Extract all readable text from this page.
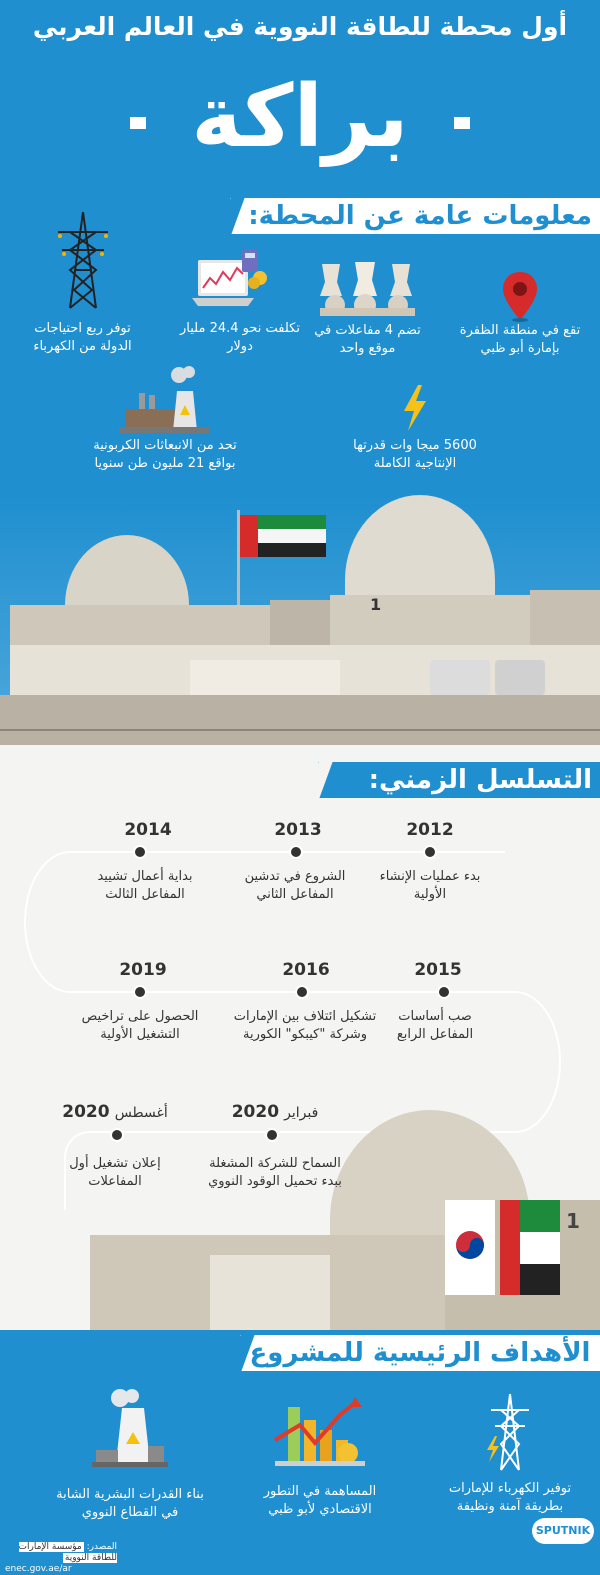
أول محطة للطاقة النووية في العالم العربي
براكة
معلومات عامة عن المحطة:
تقع في منطقة الظفرة بإمارة أبو ظبي
تضم 4 مفاعلات في موقع واحد
تكلفت نحو 24.4 مليار دولار
توفر ربع احتياجات الدولة من الكهرباء
5600 ميجا وات قدرتها الإنتاجية الكاملة
تحد من الانبعاثات الكربونية بواقع 21 مليون طن سنويا
1
التسلسل الزمني:
1
2012
بدء عمليات الإنشاء الأولية
2013
الشروع في تدشين المفاعل الثاني
2014
بداية أعمال تشييد المفاعل الثالث
2015
صب أساسات المفاعل الرابع
2016
تشكيل ائتلاف بين الإمارات وشركة "كيبكو" الكورية
2019
الحصول على تراخيص التشغيل الأولية
فبراير 2020
السماح للشركة المشغلة ببدء تحميل الوقود النووي
أغسطس 2020
إعلان تشغيل أول المفاعلات
الأهداف الرئيسية للمشروع
توفير الكهرباء للإمارات بطريقة آمنة ونظيفة
المساهمة في التطور الاقتصادي لأبو ظبي
بناء القدرات البشرية الشابة في القطاع النووي
المصدر: مؤسسة الإمارات للطاقة النووية
enec.gov.ae/ar
SPUTNIK
